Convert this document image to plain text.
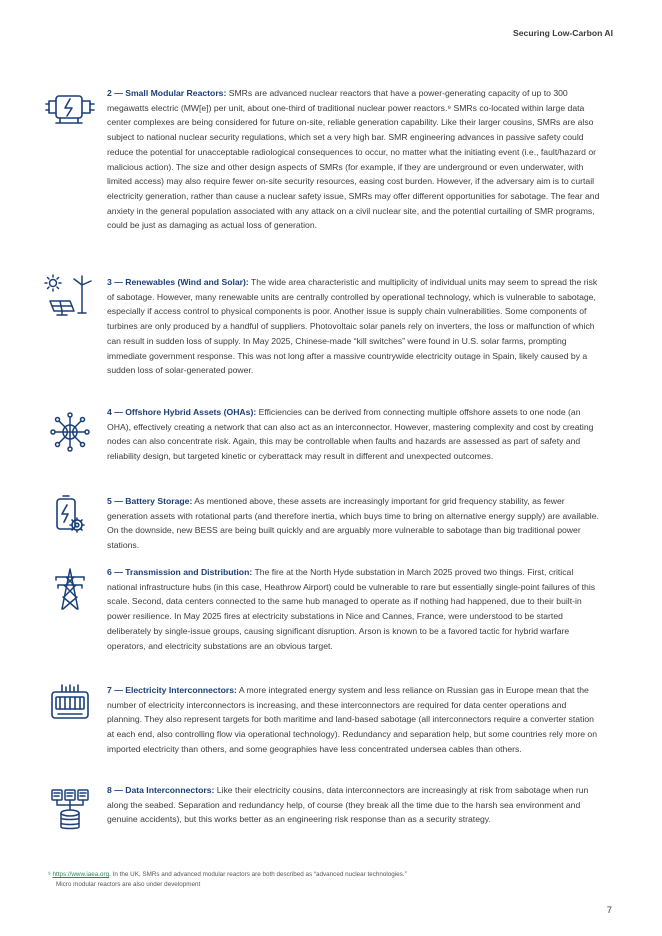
Securing Low-Carbon AI
2 — Small Modular Reactors: SMRs are advanced nuclear reactors that have a power-generating capacity of up to 300 megawatts electric (MW[e]) per unit, about one-third of traditional nuclear power reactors.⁹ SMRs co-located within large data center complexes are being considered for future on-site, reliable generation capability. Like their larger cousins, SMRs are also subject to national nuclear security regulations, which set a very high bar. SMR engineering advances in passive safety could reduce the potential for unacceptable radiological consequences to occur, no matter what the initiating event (i.e., fault/hazard or malicious action). The size and other design aspects of SMRs (for example, if they are underground or even underwater, with limited access) may also require fewer on-site security resources, easing cost burden. However, if the adversary aim is to curtail electricity generation, rather than cause a nuclear safety issue, SMRs may offer different opportunities for sabotage. The fear and anxiety in the general population associated with any attack on a civil nuclear site, and the potential curtailing of SMR programs, could be just as damaging as actual loss of generation.
3 — Renewables (Wind and Solar): The wide area characteristic and multiplicity of individual units may seem to spread the risk of sabotage. However, many renewable units are centrally controlled by operational technology, which is vulnerable to sabotage, especially if access control to physical components is poor. Another issue is supply chain vulnerabilities. Some components of turbines are only produced by a handful of suppliers. Photovoltaic solar panels rely on inverters, the loss or malfunction of which can result in sudden loss of supply. In May 2025, Chinese-made “kill switches” were found in U.S. solar farms, prompting immediate government response. This was not long after a massive countrywide electricity outage in Spain, likely caused by a sudden loss of solar-generated power.
4 — Offshore Hybrid Assets (OHAs): Efficiencies can be derived from connecting multiple offshore assets to one node (an OHA), effectively creating a network that can also act as an interconnector. However, mastering complexity and cost by creating nodes can also concentrate risk. Again, this may be controllable when faults and hazards are assessed as part of safety and reliability design, but targeted kinetic or cyberattack may result in different and unexpected outcomes.
5 — Battery Storage: As mentioned above, these assets are increasingly important for grid frequency stability, as fewer generation assets with rotational parts (and therefore inertia, which buys time to bring on alternative energy supply) are available. On the downside, new BESS are being built quickly and are arguably more vulnerable to sabotage than big traditional power stations.
6 — Transmission and Distribution: The fire at the North Hyde substation in March 2025 proved two things. First, critical national infrastructure hubs (in this case, Heathrow Airport) could be vulnerable to rare but essentially single-point failures of this scale. Second, data centers connected to the same hub managed to operate as if nothing had happened, due to their built-in power resilience. In May 2025 fires at electricity substations in Nice and Cannes, France, were understood to be started deliberately by single-issue groups, causing significant disruption. Arson is known to be a favored tactic for hybrid warfare operators, and electricity substations are an obvious target.
7 — Electricity Interconnectors: A more integrated energy system and less reliance on Russian gas in Europe mean that the number of electricity interconnectors is increasing, and these interconnectors are required for data center operations and planning. They also represent targets for both maritime and land-based sabotage (all interconnectors require a converter station at each end, also controlling flow via operational technology). Redundancy and separation help, but some countries rely more on imported electricity than others, and some geographies have less concentrated undersea cables than others.
8 — Data Interconnectors: Like their electricity cousins, data interconnectors are increasingly at risk from sabotage when run along the seabed. Separation and redundancy help, of course (they break all the time due to the harsh sea environment and genuine accidents), but this works better as an engineering risk response than as a security strategy.
⁹ https://www.iaea.org. In the UK, SMRs and advanced modular reactors are both described as “advanced nuclear technologies.”
Micro modular reactors are also under development
7
